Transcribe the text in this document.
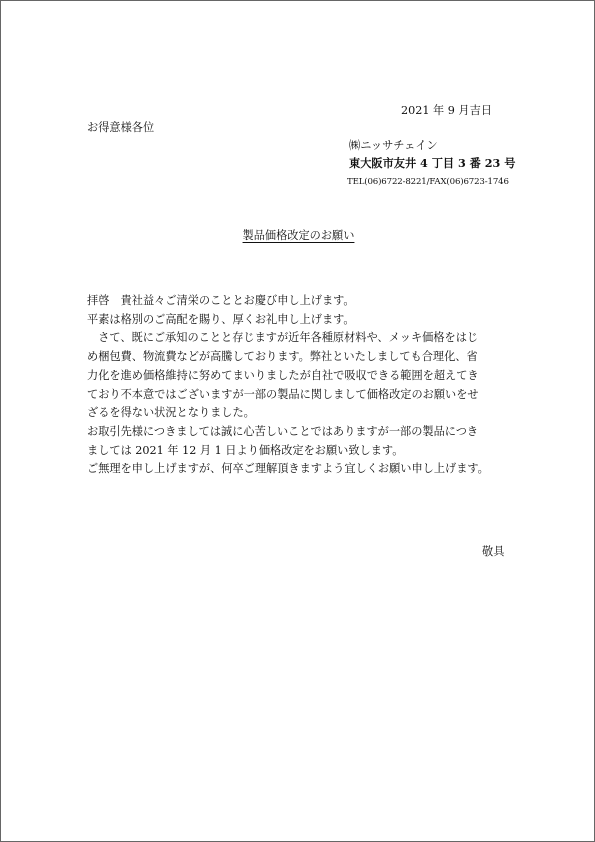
2021 年 9 月吉日
お得意様各位
㈱ニッサチェイン
東大阪市友井 4 丁目 3 番 23 号
TEL(06)6722-8221/FAX(06)6723-1746
製品価格改定のお願い

拝啓　貴社益々ご清栄のこととお慶び申し上げます。

平素は格別のご高配を賜り、厚くお礼申し上げます。

　さて、既にご承知のことと存じますが近年各種原材料や、メッキ価格をはじ

め梱包費、物流費などが高騰しております。弊社といたしましても合理化、省

力化を進め価格維持に努めてまいりましたが自社で吸収できる範囲を超えてき

ており不本意ではございますが一部の製品に関しまして価格改定のお願いをせ

ざるを得ない状況となりました。

お取引先様につきましては誠に心苦しいことではありますが一部の製品につき

ましては 2021 年 12 月 1 日より価格改定をお願い致します。

ご無理を申し上げますが、何卒ご理解頂きますよう宜しくお願い申し上げます。

敬具
